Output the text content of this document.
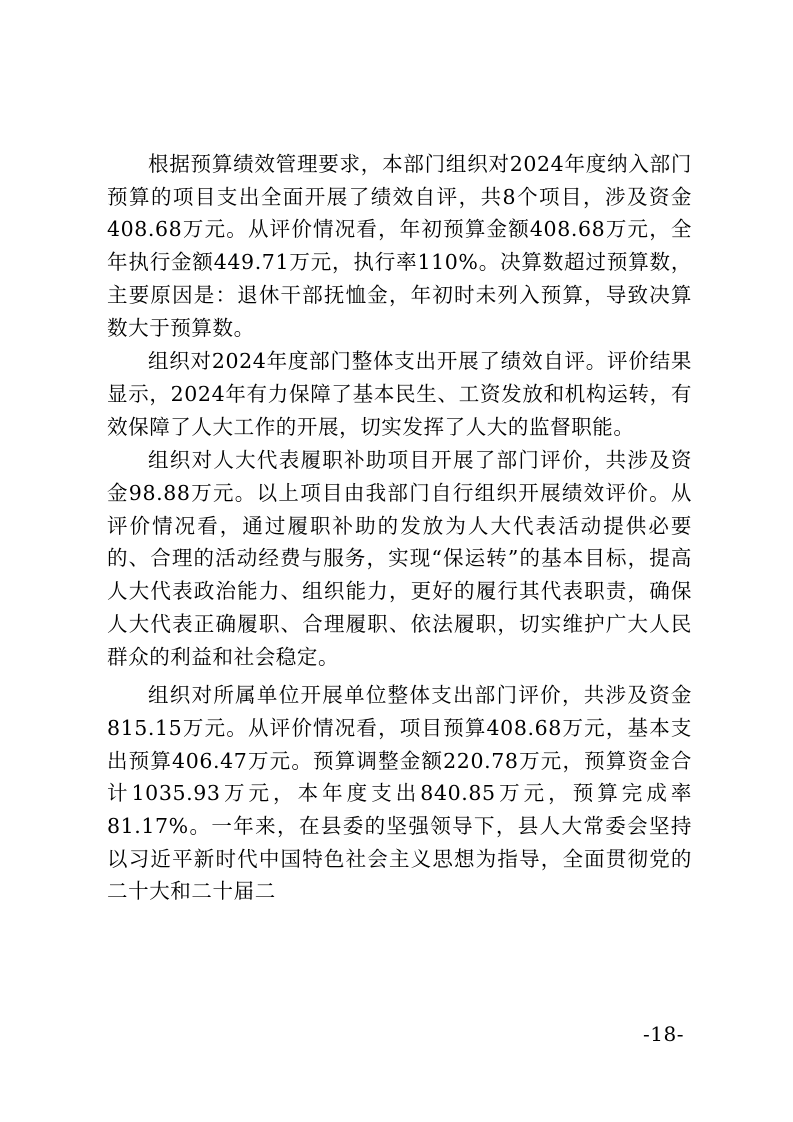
根据预算绩效管理要求，本部门组织对2024年度纳入部门预算的项目支出全面开展了绩效自评，共8个项目，涉及资金408.68万元。从评价情况看，年初预算金额408.68万元，全年执行金额449.71万元，执行率110%。决算数超过预算数，主要原因是：退休干部抚恤金，年初时未列入预算，导致决算数大于预算数。

组织对2024年度部门整体支出开展了绩效自评。评价结果显示，2024年有力保障了基本民生、工资发放和机构运转，有效保障了人大工作的开展，切实发挥了人大的监督职能。

组织对人大代表履职补助项目开展了部门评价，共涉及资金98.88万元。以上项目由我部门自行组织开展绩效评价。从评价情况看，通过履职补助的发放为人大代表活动提供必要的、合理的活动经费与服务，实现“保运转”的基本目标，提高人大代表政治能力、组织能力，更好的履行其代表职责，确保人大代表正确履职、合理履职、依法履职，切实维护广大人民群众的利益和社会稳定。

组织对所属单位开展单位整体支出部门评价，共涉及资金815.15万元。从评价情况看，项目预算408.68万元，基本支出预算406.47万元。预算调整金额220.78万元，预算资金合计1035.93万元，本年度支出840.85万元，预算完成率81.17%。一年来，在县委的坚强领导下，县人大常委会坚持以习近平新时代中国特色社会主义思想为指导，全面贯彻党的二十大和二十届二

-18-
